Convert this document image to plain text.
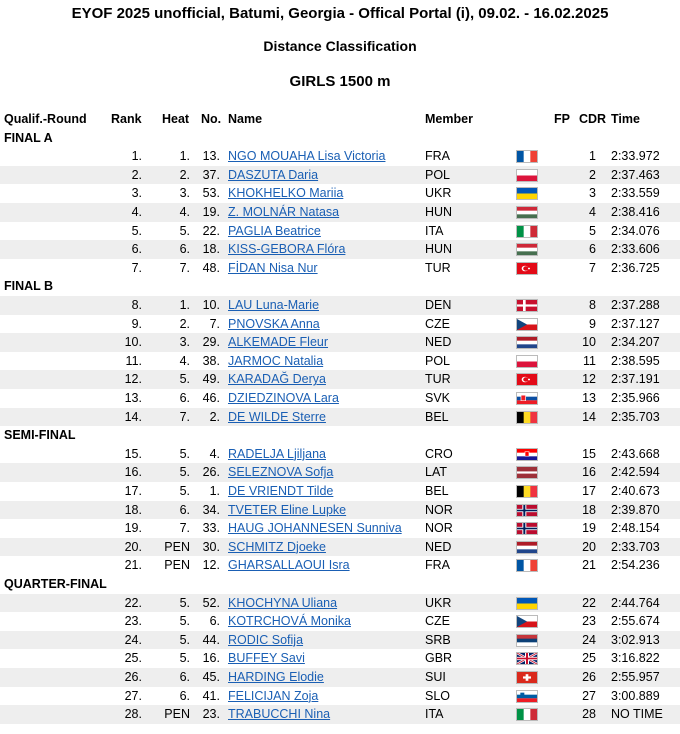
EYOF 2025 unofficial, Batumi, Georgia - Offical Portal (i), 09.02. - 16.02.2025
Distance Classification
GIRLS 1500 m
Qualif.-Round Rank Heat No. Name	Member	FP CDR Time
FINAL A
1.	1. 13. NGO MOUAHA Lisa Victoria	FRA	1 2:33.972
2.	2. 37. DASZUTA Daria	POL	2 2:37.463
3.	3. 53. KHOKHELKO Mariia	UKR	3 2:33.559
4.	4. 19. Z. MOLNÁR Natasa	HUN	4 2:38.416
5.	5. 22. PAGLIA Beatrice	ITA	5 2:34.076
6.	6. 18. KISS-GEBORA Flóra	HUN	6 2:33.606
7.	7. 48. FİDAN Nisa Nur	TUR	7 2:36.725
FINAL B
8.	1. 10. LAU Luna-Marie	DEN	8 2:37.288
9.	2. 7. PNOVSKA Anna	CZE	9 2:37.127
10.	3. 29. ALKEMADE Fleur	NED	10 2:34.207
11.	4. 38. JARMOC Natalia	POL	11 2:38.595
12.	5. 49. KARADAĞ Derya	TUR	12 2:37.191
13.	6. 46. DZIEDZINOVA Lara	SVK	13 2:35.966
14.	7. 2. DE WILDE Sterre	BEL	14 2:35.703
SEMI-FINAL
15.	5. 4. RADELJA Ljiljana	CRO	15 2:43.668
16.	5. 26. SELEZNOVA Sofja	LAT	16 2:42.594
17.	5. 1. DE VRIENDT Tilde	BEL	17 2:40.673
18.	6. 34. TVETER Eline Lupke	NOR	18 2:39.870
19.	7. 33. HAUG JOHANNESEN Sunniva NOR	19 2:48.154
20. PEN 30. SCHMITZ Djoeke	NED	20 2:33.703
21. PEN 12. GHARSALLAOUI Isra	FRA	21 2:54.236
QUARTER-FINAL
22.	5. 52. KHOCHYNA Uliana	UKR	22 2:44.764
23.	5. 6. KOTRCHOVÁ Monika	CZE	23 2:55.674
24.	5. 44. RODIC Sofija	SRB	24 3:02.913
25.	5. 16. BUFFEY Savi	GBR	25 3:16.822
26.	6. 45. HARDING Elodie	SUI	26 2:55.957
27.	6. 41. FELICIJAN Zoja	SLO	27 3:00.889
28. PEN 23. TRABUCCHI Nina	ITA	28 NO TIME
